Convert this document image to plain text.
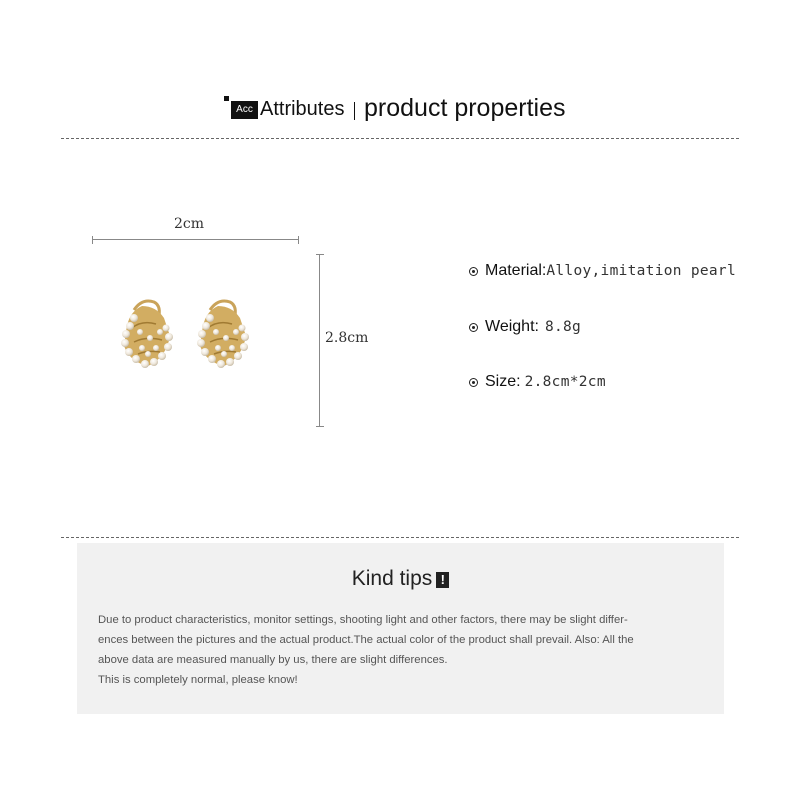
Acc Attributes product properties
2cm
2.8cm
Material: Alloy,imitation pearl
Weight: 8.8g
Size: 2.8cm*2cm
Kind tips !

Due to product characteristics, monitor settings, shooting light and other factors, there may be slight differ-

ences between the pictures and the actual product.The actual color of the product shall prevail. Also: All the

above data are measured manually by us, there are slight differences.

This is completely normal, please know!
